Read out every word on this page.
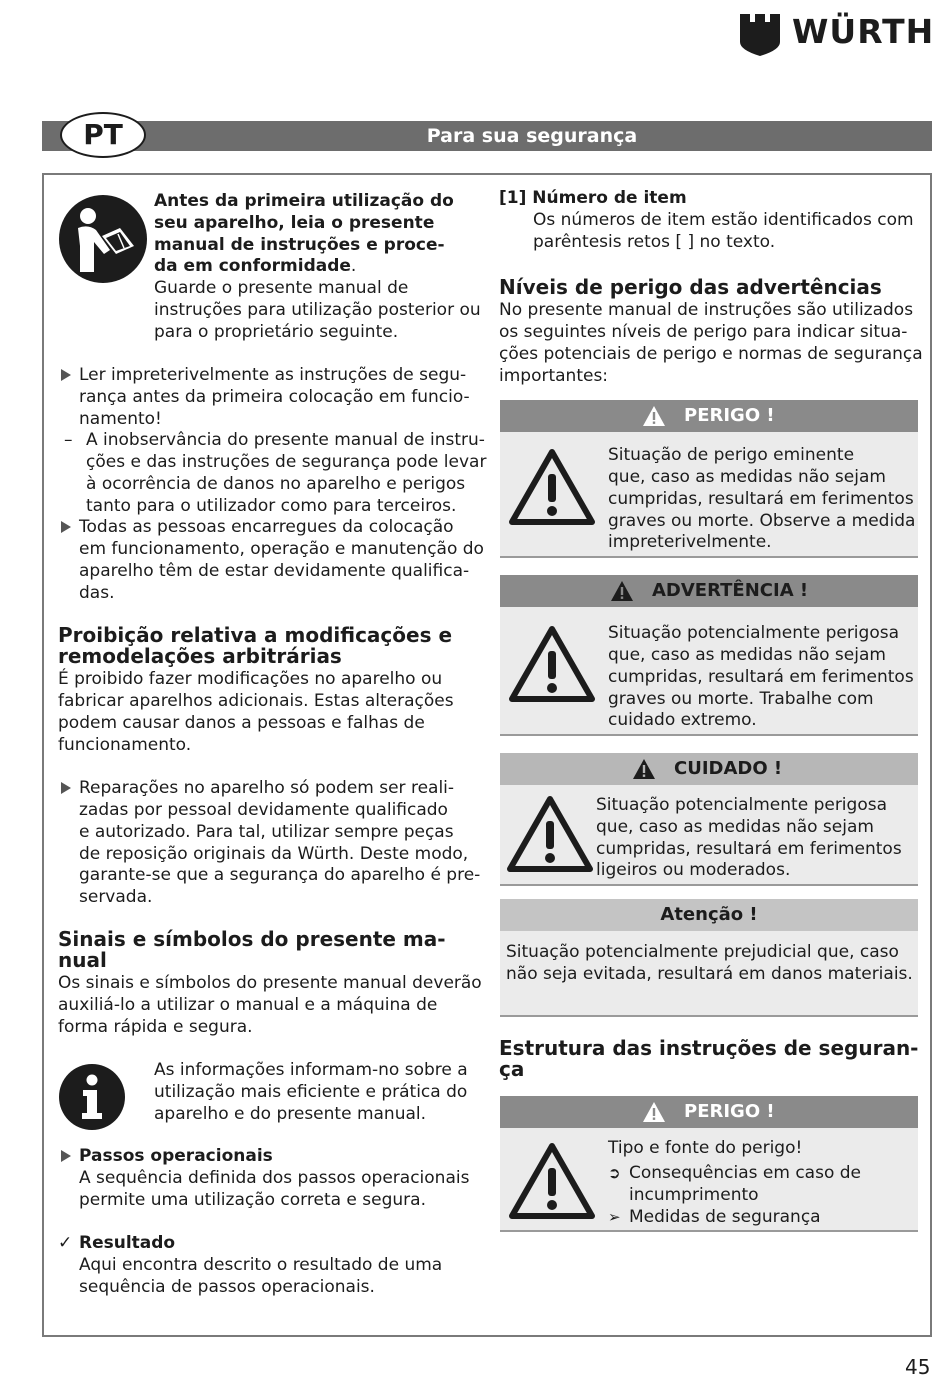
WÜRTH
Para sua segurança
PT
Antes da primeira utilização do
seu aparelho, leia o presente
manual de instruções e proce-
da em conformidade.
Guarde o presente manual de
instruções para utilização posterior ou
para o proprietário seguinte.
Ler impreterivelmente as instruções de segu-
rança antes da primeira colocação em funcio-
namento!
– A inobservância do presente manual de instru-
ções e das instruções de segurança pode levar
à ocorrência de danos no aparelho e perigos
tanto para o utilizador como para terceiros.
Todas as pessoas encarregues da colocação
em funcionamento, operação e manutenção do
aparelho têm de estar devidamente qualifica-
das.
Proibição relativa a modificações e
remodelações arbitrárias
É proibido fazer modificações no aparelho ou
fabricar aparelhos adicionais. Estas alterações
podem causar danos a pessoas e falhas de
funcionamento.
Reparações no aparelho só podem ser reali-
zadas por pessoal devidamente qualificado
e autorizado. Para tal, utilizar sempre peças
de reposição originais da Würth. Deste modo,
garante-se que a segurança do aparelho é pre-
servada.
Sinais e símbolos do presente ma-
nual
Os sinais e símbolos do presente manual deverão
auxiliá-lo a utilizar o manual e a máquina de
forma rápida e segura.
As informações informam-no sobre a
utilização mais eficiente e prática do
aparelho e do presente manual.
Passos operacionais
A sequência definida dos passos operacionais
permite uma utilização correta e segura.
✓ Resultado
Aqui encontra descrito o resultado de uma
sequência de passos operacionais.
[1] Número de item
Os números de item estão identificados com
parêntesis retos [ ] no texto.
Níveis de perigo das advertências
No presente manual de instruções são utilizados
os seguintes níveis de perigo para indicar situa-
ções potenciais de perigo e normas de segurança
importantes:
PERIGO !
Situação de perigo eminente
que, caso as medidas não sejam
cumpridas, resultará em ferimentos
graves ou morte. Observe a medida
impreterivelmente.
ADVERTÊNCIA !
Situação potencialmente perigosa
que, caso as medidas não sejam
cumpridas, resultará em ferimentos
graves ou morte. Trabalhe com
cuidado extremo.
CUIDADO !
Situação potencialmente perigosa
que, caso as medidas não sejam
cumpridas, resultará em ferimentos
ligeiros ou moderados.
Atenção !
Situação potencialmente prejudicial que, caso
não seja evitada, resultará em danos materiais.
Estrutura das instruções de seguran-
ça
PERIGO !
Tipo e fonte do perigo!
➲ Consequências em caso de
incumprimento
➢ Medidas de segurança
45
